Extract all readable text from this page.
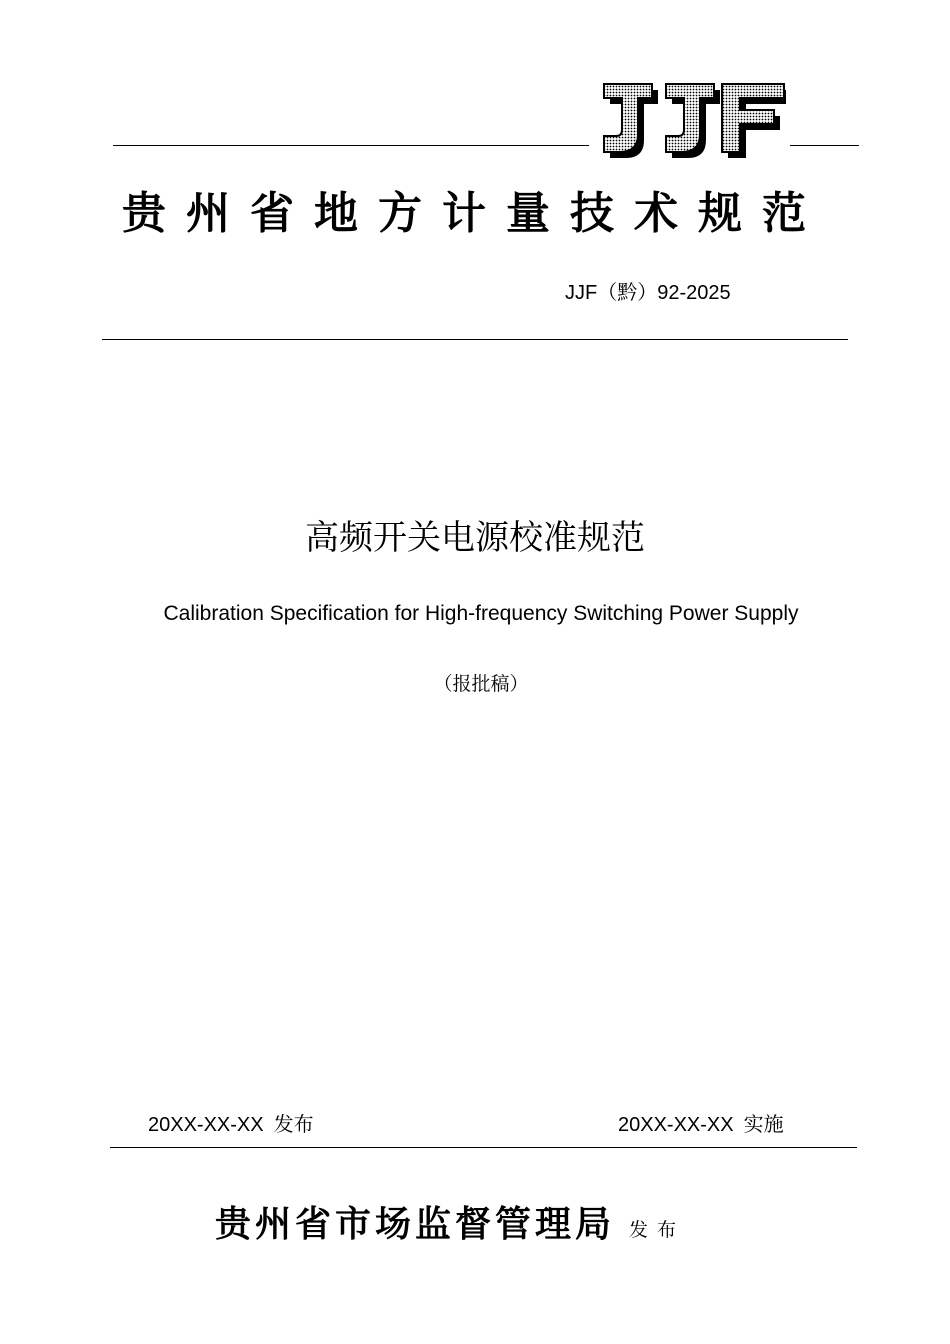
贵州省地方计量技术规范
JJF（黔）92-2025
高频开关电源校准规范
Calibration Specification for High-frequency Switching Power Supply
（报批稿）
20XX-XX-XX 发布	20XX-XX-XX 实施
贵州省市场监督管理局 发布
